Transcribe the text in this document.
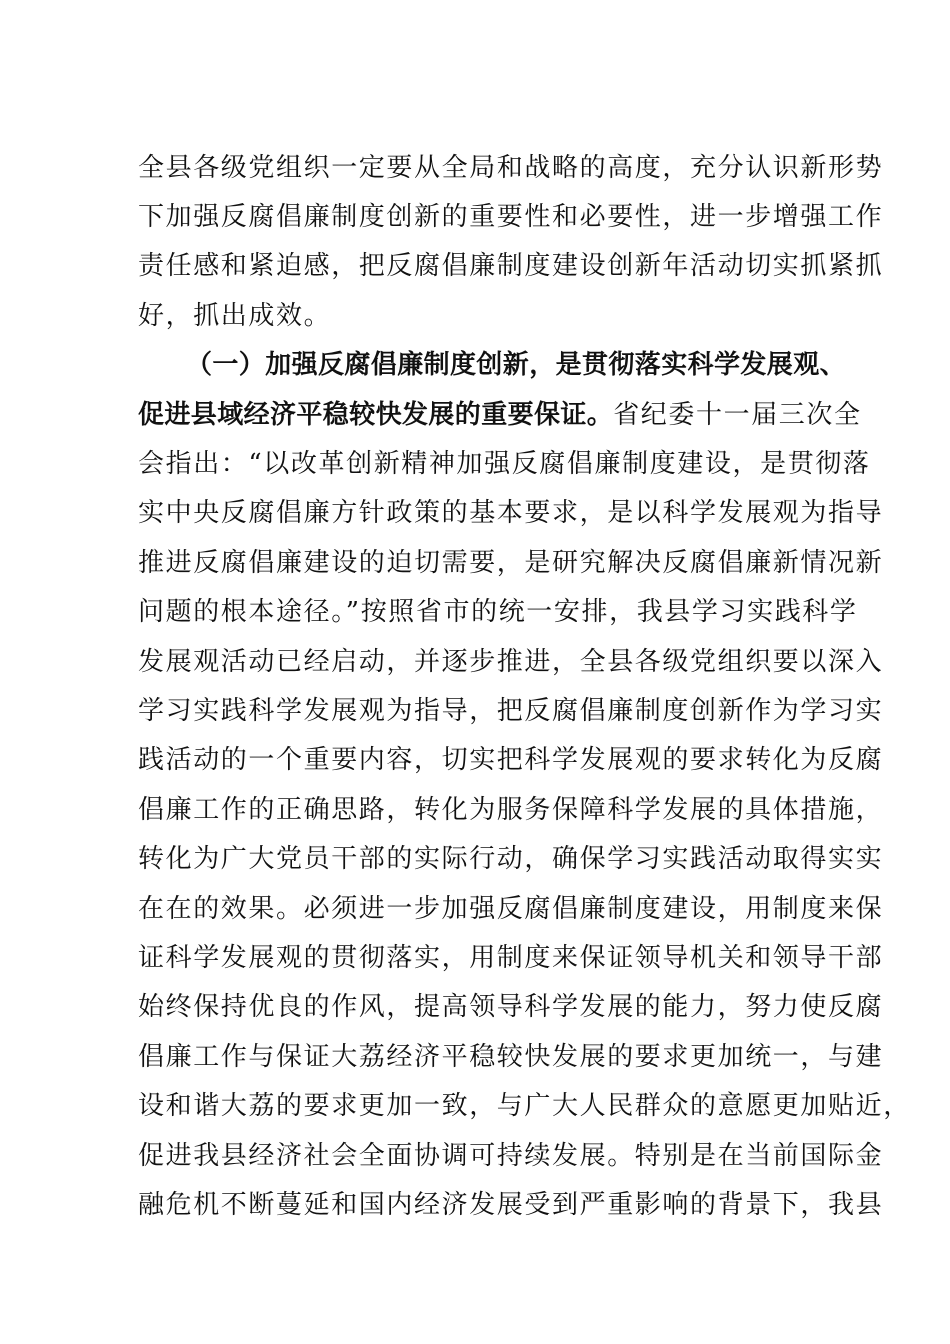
全县各级党组织一定要从全局和战略的高度，充分认识新形势
下加强反腐倡廉制度创新的重要性和必要性，进一步增强工作
责任感和紧迫感，把反腐倡廉制度建设创新年活动切实抓紧抓
好，抓出成效。
（一）加强反腐倡廉制度创新，是贯彻落实科学发展观、
促进县域经济平稳较快发展的重要保证。省纪委十一届三次全
会指出：“以改革创新精神加强反腐倡廉制度建设，是贯彻落
实中央反腐倡廉方针政策的基本要求，是以科学发展观为指导
推进反腐倡廉建设的迫切需要，是研究解决反腐倡廉新情况新
问题的根本途径。”按照省市的统一安排，我县学习实践科学
发展观活动已经启动，并逐步推进，全县各级党组织要以深入
学习实践科学发展观为指导，把反腐倡廉制度创新作为学习实
践活动的一个重要内容，切实把科学发展观的要求转化为反腐
倡廉工作的正确思路，转化为服务保障科学发展的具体措施，
转化为广大党员干部的实际行动，确保学习实践活动取得实实
在在的效果。必须进一步加强反腐倡廉制度建设，用制度来保
证科学发展观的贯彻落实，用制度来保证领导机关和领导干部
始终保持优良的作风，提高领导科学发展的能力，努力使反腐
倡廉工作与保证大荔经济平稳较快发展的要求更加统一，与建
设和谐大荔的要求更加一致，与广大人民群众的意愿更加贴近，
促进我县经济社会全面协调可持续发展。特别是在当前国际金
融危机不断蔓延和国内经济发展受到严重影响的背景下，我县
